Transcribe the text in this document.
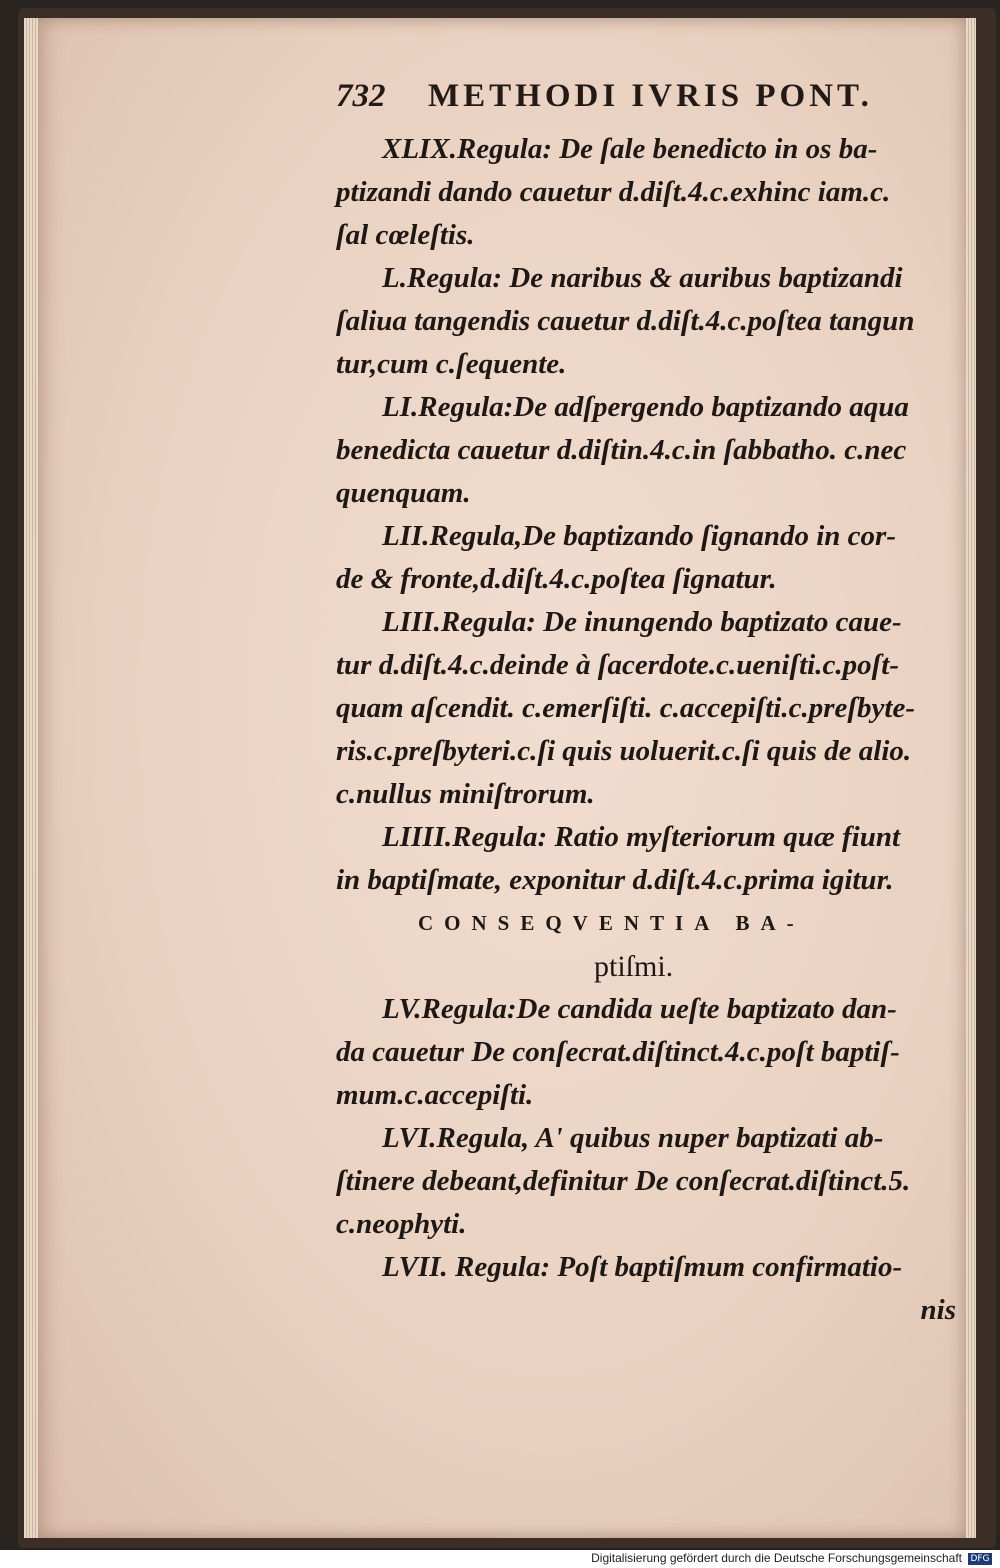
732 METHODI IVRIS PONT.
XLIX.Regula: De ſale benedicto in os ba-
ptizandi dando cauetur d.diſt.4.c.exhinc iam.c.
ſal cœleſtis.
L.Regula: De naribus & auribus baptizandi
ſaliua tangendis cauetur d.diſt.4.c.poſtea tangun
tur,cum c.ſequente.
LI.Regula:De adſpergendo baptizando aqua
benedicta cauetur d.diſtin.4.c.in ſabbatho. c.nec
quenquam.
LII.Regula,De baptizando ſignando in cor-
de & fronte,d.diſt.4.c.poſtea ſignatur.
LIII.Regula: De inungendo baptizato caue-
tur d.diſt.4.c.deinde à ſacerdote.c.ueniſti.c.poſt-
quam aſcendit. c.emerſiſti. c.accepiſti.c.preſbyte-
ris.c.preſbyteri.c.ſi quis uoluerit.c.ſi quis de alio.
c.nullus miniſtrorum.
LIIII.Regula: Ratio myſteriorum quæ fiunt
in baptiſmate, exponitur d.diſt.4.c.prima igitur.
CONSEQVENTIA BA-
ptiſmi.
LV.Regula:De candida ueſte baptizato dan-
da cauetur De conſecrat.diſtinct.4.c.poſt baptiſ-
mum.c.accepiſti.
LVI.Regula, A' quibus nuper baptizati ab-
ſtinere debeant,definitur De conſecrat.diſtinct.5.
c.neophyti.
LVII. Regula: Poſt baptiſmum confirmatio-
nis
Digitalisierung gefördert durch die Deutsche Forschungsgemeinschaft DFG
